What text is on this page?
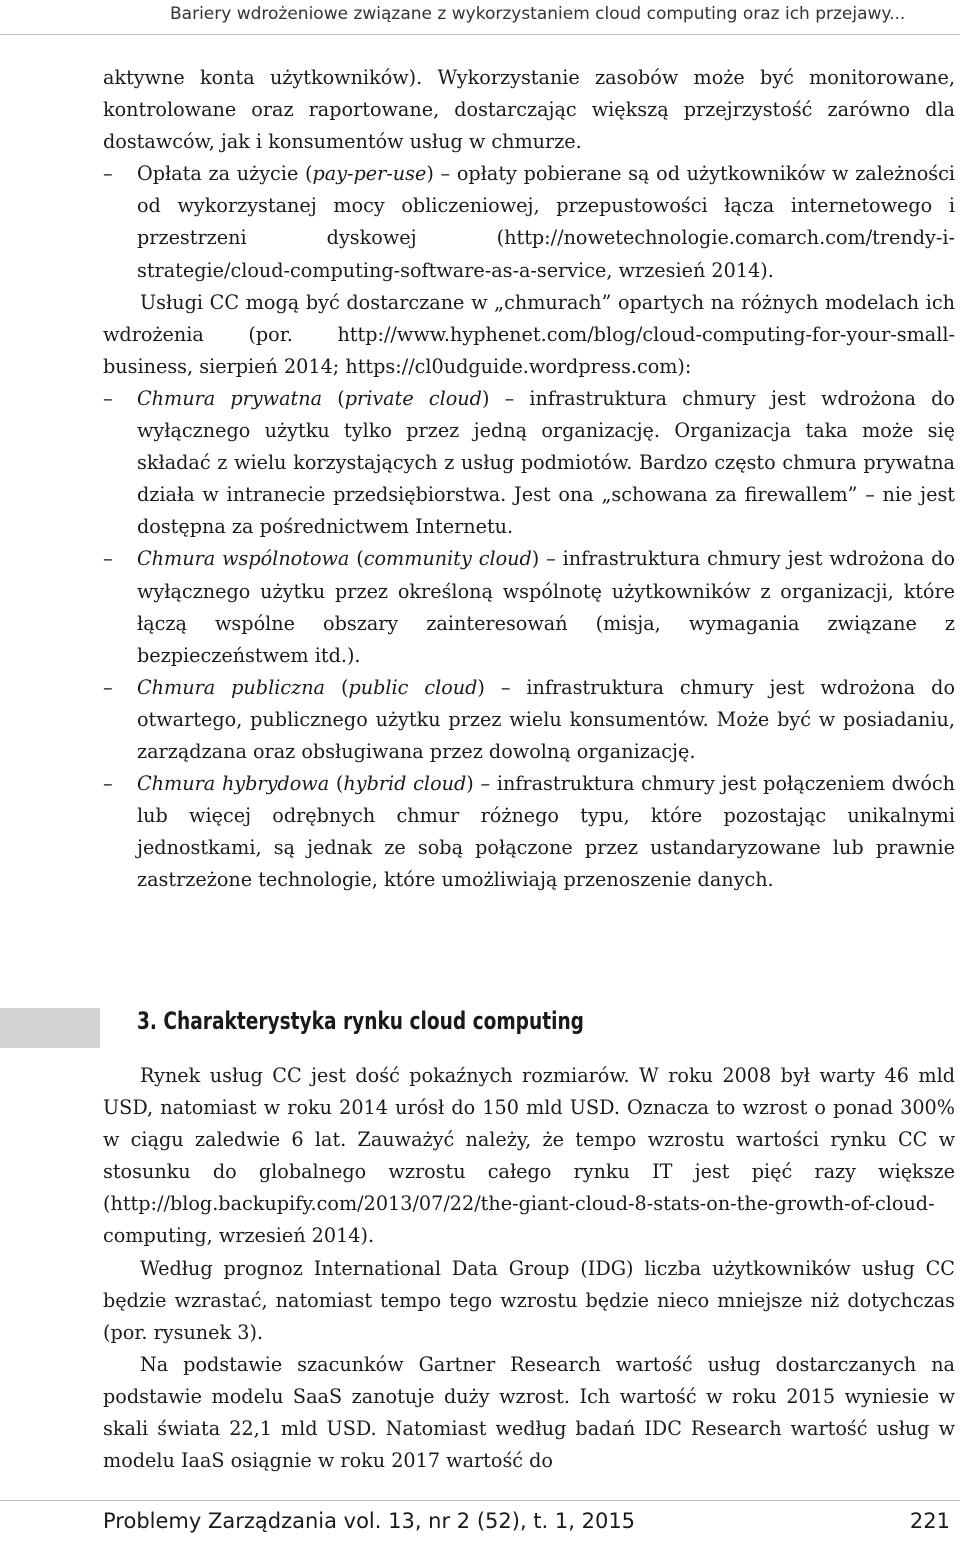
Bariery wdrożeniowe związane z wykorzystaniem cloud computing oraz ich przejawy...

aktywne konta użytkowników). Wykorzystanie zasobów może być monitorowane, kontrolowane oraz raportowane, dostarczając większą przejrzystość zarówno dla dostawców, jak i konsumentów usług w chmurze.

– Opłata za użycie (pay-per-use) – opłaty pobierane są od użytkowników w zależności od wykorzystanej mocy obliczeniowej, przepustowości łącza internetowego i przestrzeni dyskowej (http://nowetechnologie.comarch.com/trendy-i-strategie/cloud-computing-software-as-a-service, wrzesień 2014).

Usługi CC mogą być dostarczane w „chmurach” opartych na różnych modelach ich wdrożenia (por. http://www.hyphenet.com/blog/cloud-computing-for-your-small-business, sierpień 2014; https://cl0udguide.wordpress.com):

– Chmura prywatna (private cloud) – infrastruktura chmury jest wdrożona do wyłącznego użytku tylko przez jedną organizację. Organizacja taka może się składać z wielu korzystających z usług podmiotów. Bardzo często chmura prywatna działa w intranecie przedsiębiorstwa. Jest ona „schowana za firewallem” – nie jest dostępna za pośrednictwem Internetu.

– Chmura wspólnotowa (community cloud) – infrastruktura chmury jest wdrożona do wyłącznego użytku przez określoną wspólnotę użytkowników z organizacji, które łączą wspólne obszary zainteresowań (misja, wymagania związane z bezpieczeństwem itd.).

– Chmura publiczna (public cloud) – infrastruktura chmury jest wdrożona do otwartego, publicznego użytku przez wielu konsumentów. Może być w posiadaniu, zarządzana oraz obsługiwana przez dowolną organizację.

– Chmura hybrydowa (hybrid cloud) – infrastruktura chmury jest połączeniem dwóch lub więcej odrębnych chmur różnego typu, które pozostając unikalnymi jednostkami, są jednak ze sobą połączone przez ustandaryzowane lub prawnie zastrzeżone technologie, które umożliwiają przenoszenie danych.

3. Charakterystyka rynku cloud computing

Rynek usług CC jest dość pokaźnych rozmiarów. W roku 2008 był warty 46 mld USD, natomiast w roku 2014 urósł do 150 mld USD. Oznacza to wzrost o ponad 300% w ciągu zaledwie 6 lat. Zauważyć należy, że tempo wzrostu wartości rynku CC w stosunku do globalnego wzrostu całego rynku IT jest pięć razy większe (http://blog.backupify.com/2013/07/22/the-giant-cloud-8-stats-on-the-growth-of-cloud-computing, wrzesień 2014).

Według prognoz International Data Group (IDG) liczba użytkowników usług CC będzie wzrastać, natomiast tempo tego wzrostu będzie nieco mniejsze niż dotychczas (por. rysunek 3).

Na podstawie szacunków Gartner Research wartość usług dostarczanych na podstawie modelu SaaS zanotuje duży wzrost. Ich wartość w roku 2015 wyniesie w skali świata 22,1 mld USD. Natomiast według badań IDC Research wartość usług w modelu IaaS osiągnie w roku 2017 wartość do

Problemy Zarządzania vol. 13, nr 2 (52), t. 1, 2015	221
